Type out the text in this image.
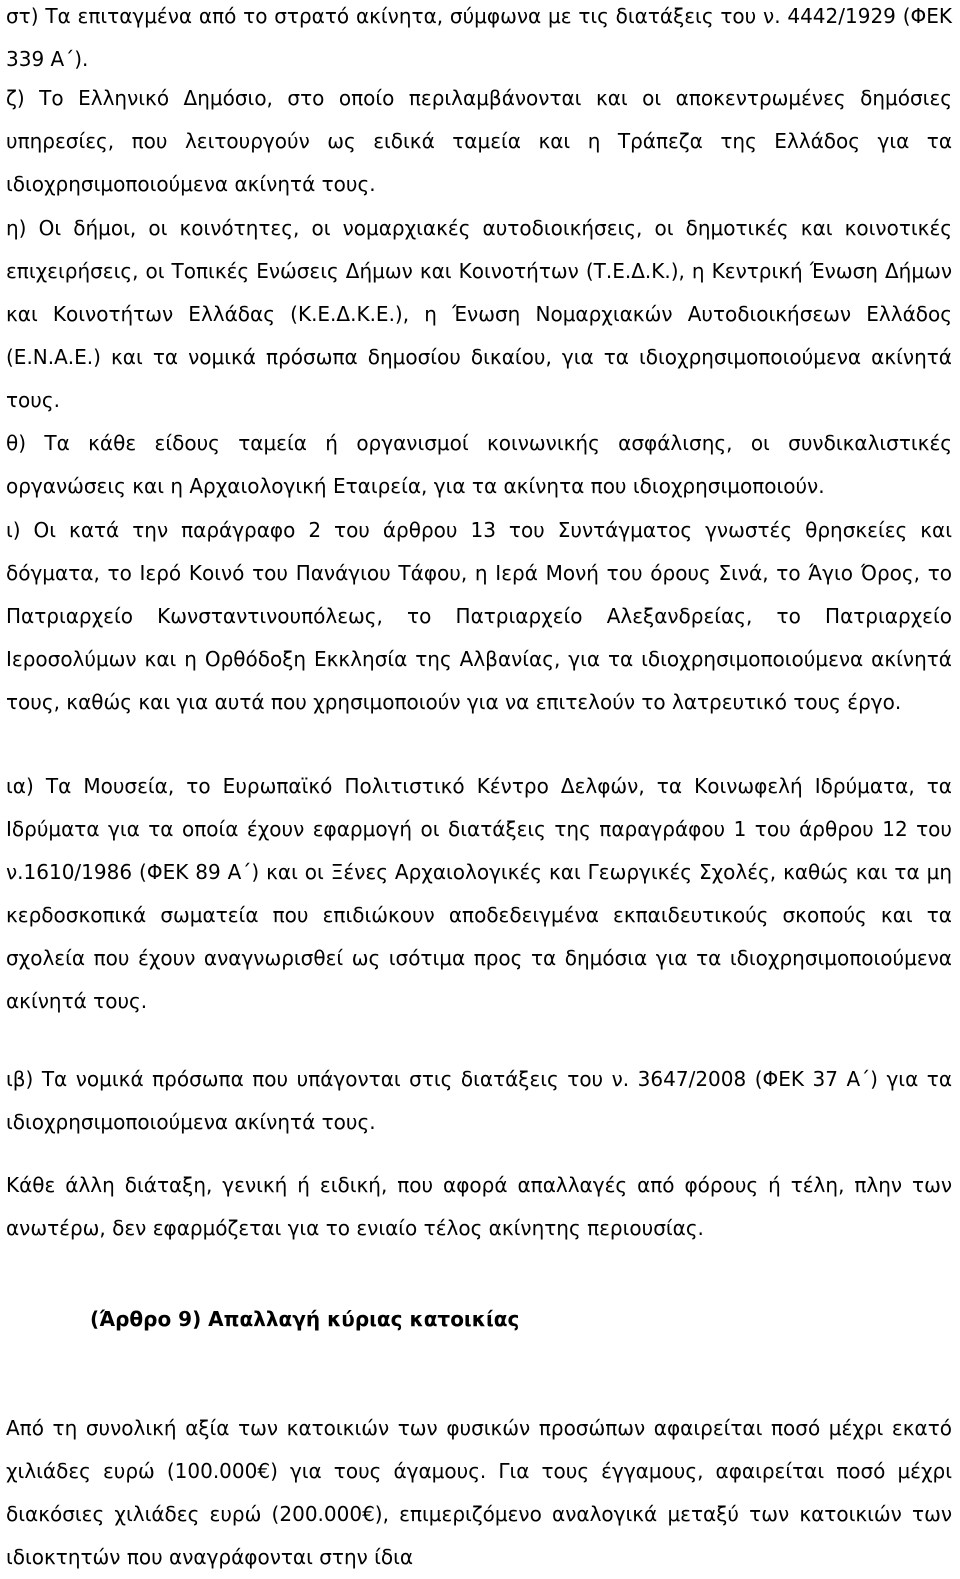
στ) Τα επιταγμένα από το στρατό ακίνητα, σύμφωνα με τις διατάξεις του ν. 4442/1929 (ΦΕΚ 339 Α΄).

ζ) Το Ελληνικό Δημόσιο, στο οποίο περιλαμβάνονται και οι αποκεντρωμένες δημόσιες υπηρεσίες, που λειτουργούν ως ειδικά ταμεία και η Τράπεζα της Ελλάδος για τα ιδιοχρησιμοποιούμενα ακίνητά τους.

η) Οι δήμοι, οι κοινότητες, οι νομαρχιακές αυτοδιοικήσεις, οι δημοτικές και κοινοτικές επιχειρήσεις, οι Τοπικές Ενώσεις Δήμων και Κοινοτήτων (Τ.Ε.Δ.Κ.), η Κεντρική Ένωση Δήμων και Κοινοτήτων Ελλάδας (Κ.Ε.Δ.Κ.Ε.), η Ένωση Νομαρχιακών Αυτοδιοικήσεων Ελλάδος (Ε.Ν.Α.Ε.) και τα νομικά πρόσωπα δημοσίου δικαίου, για τα ιδιοχρησιμοποιούμενα ακίνητά τους.

θ) Τα κάθε είδους ταμεία ή οργανισμοί κοινωνικής ασφάλισης, οι συνδικαλιστικές οργανώσεις και η Αρχαιολογική Εταιρεία, για τα ακίνητα που ιδιοχρησιμοποιούν.

ι) Οι κατά την παράγραφο 2 του άρθρου 13 του Συντάγματος γνωστές θρησκείες και δόγματα, το Ιερό Κοινό του Πανάγιου Τάφου, η Ιερά Μονή του όρους Σινά, το Άγιο Όρος, το Πατριαρχείο Κωνσταντινουπόλεως, το Πατριαρχείο Αλεξανδρείας, το Πατριαρχείο Ιεροσολύμων και η Ορθόδοξη Εκκλησία της Αλβανίας, για τα ιδιοχρησιμοποιούμενα ακίνητά τους, καθώς και για αυτά που χρησιμοποιούν για να επιτελούν το λατρευτικό τους έργο.

ια) Τα Μουσεία, το Ευρωπαϊκό Πολιτιστικό Κέντρο Δελφών, τα Κοινωφελή Ιδρύματα, τα Ιδρύματα για τα οποία έχουν εφαρμογή οι διατάξεις της παραγράφου 1 του άρθρου 12 του ν.1610/1986 (ΦΕΚ 89 Α΄) και οι Ξένες Αρχαιολογικές και Γεωργικές Σχολές, καθώς και τα μη κερδοσκοπικά σωματεία που επιδιώκουν αποδεδειγμένα εκπαιδευτικούς σκοπούς και τα σχολεία που έχουν αναγνωρισθεί ως ισότιμα προς τα δημόσια για τα ιδιοχρησιμοποιούμενα ακίνητά τους.

ιβ) Τα νομικά πρόσωπα που υπάγονται στις διατάξεις του ν. 3647/2008 (ΦΕΚ 37 Α΄) για τα ιδιοχρησιμοποιούμενα ακίνητά τους.

Κάθε άλλη διάταξη, γενική ή ειδική, που αφορά απαλλαγές από φόρους ή τέλη, πλην των ανωτέρω, δεν εφαρμόζεται για το ενιαίο τέλος ακίνητης περιουσίας.

(Άρθρο 9) Απαλλαγή κύριας κατοικίας

Από τη συνολική αξία των κατοικιών των φυσικών προσώπων αφαιρείται ποσό μέχρι εκατό χιλιάδες ευρώ (100.000€) για τους άγαμους. Για τους έγγαμους, αφαιρείται ποσό μέχρι διακόσιες χιλιάδες ευρώ (200.000€), επιμεριζόμενο αναλογικά μεταξύ των κατοικιών των ιδιοκτητών που αναγράφονται στην ίδια
